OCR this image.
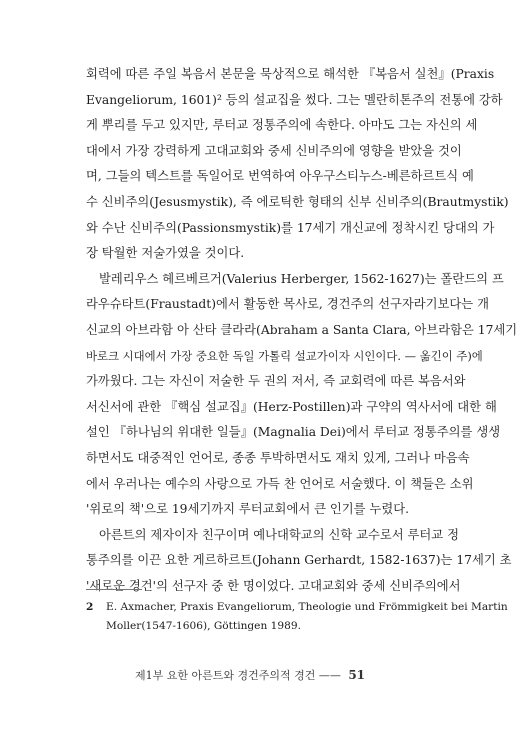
회력에 따른 주일 복음서 본문을 묵상적으로 해석한 『복음서 실천』(Praxis
Evangeliorum, 1601)² 등의 설교집을 썼다. 그는 멜란히톤주의 전통에 강하
게 뿌리를 두고 있지만, 루터교 정통주의에 속한다. 아마도 그는 자신의 세
대에서 가장 강력하게 고대교회와 중세 신비주의에 영향을 받았을 것이
며, 그들의 텍스트를 독일어로 번역하여 아우구스티누스-베른하르트식 예
수 신비주의(Jesusmystik), 즉 에로틱한 형태의 신부 신비주의(Brautmystik)
와 수난 신비주의(Passionsmystik)를 17세기 개신교에 정착시킨 당대의 가
장 탁월한 저술가였을 것이다.
발레리우스 헤르베르거(Valerius Herberger, 1562-1627)는 폴란드의 프
라우슈타트(Fraustadt)에서 활동한 목사로, 경건주의 선구자라기보다는 개
신교의 아브라함 아 산타 클라라(Abraham a Santa Clara, 아브라함은 17세기
바로크 시대에서 가장 중요한 독일 가톨릭 설교가이자 시인이다. — 옮긴이 주)에
가까웠다. 그는 자신이 저술한 두 권의 저서, 즉 교회력에 따른 복음서와
서신서에 관한 『핵심 설교집』(Herz-Postillen)과 구약의 역사서에 대한 해
설인 『하나님의 위대한 일들』(Magnalia Dei)에서 루터교 정통주의를 생생
하면서도 대중적인 언어로, 종종 투박하면서도 재치 있게, 그러나 마음속
에서 우러나는 예수의 사랑으로 가득 찬 언어로 서술했다. 이 책들은 소위
'위로의 책'으로 19세기까지 루터교회에서 큰 인기를 누렸다.
아른트의 제자이자 친구이며 예나대학교의 신학 교수로서 루터교 정
통주의를 이끈 요한 게르하르트(Johann Gerhardt, 1582-1637)는 17세기 초
'새로운 경건'의 선구자 중 한 명이었다. 고대교회와 중세 신비주의에서
2 E. Axmacher, Praxis Evangeliorum, Theologie und Frömmigkeit bei Martin
Moller(1547-1606), Göttingen 1989.
제1부 요한 아른트와 경건주의적 경건 —— 51
